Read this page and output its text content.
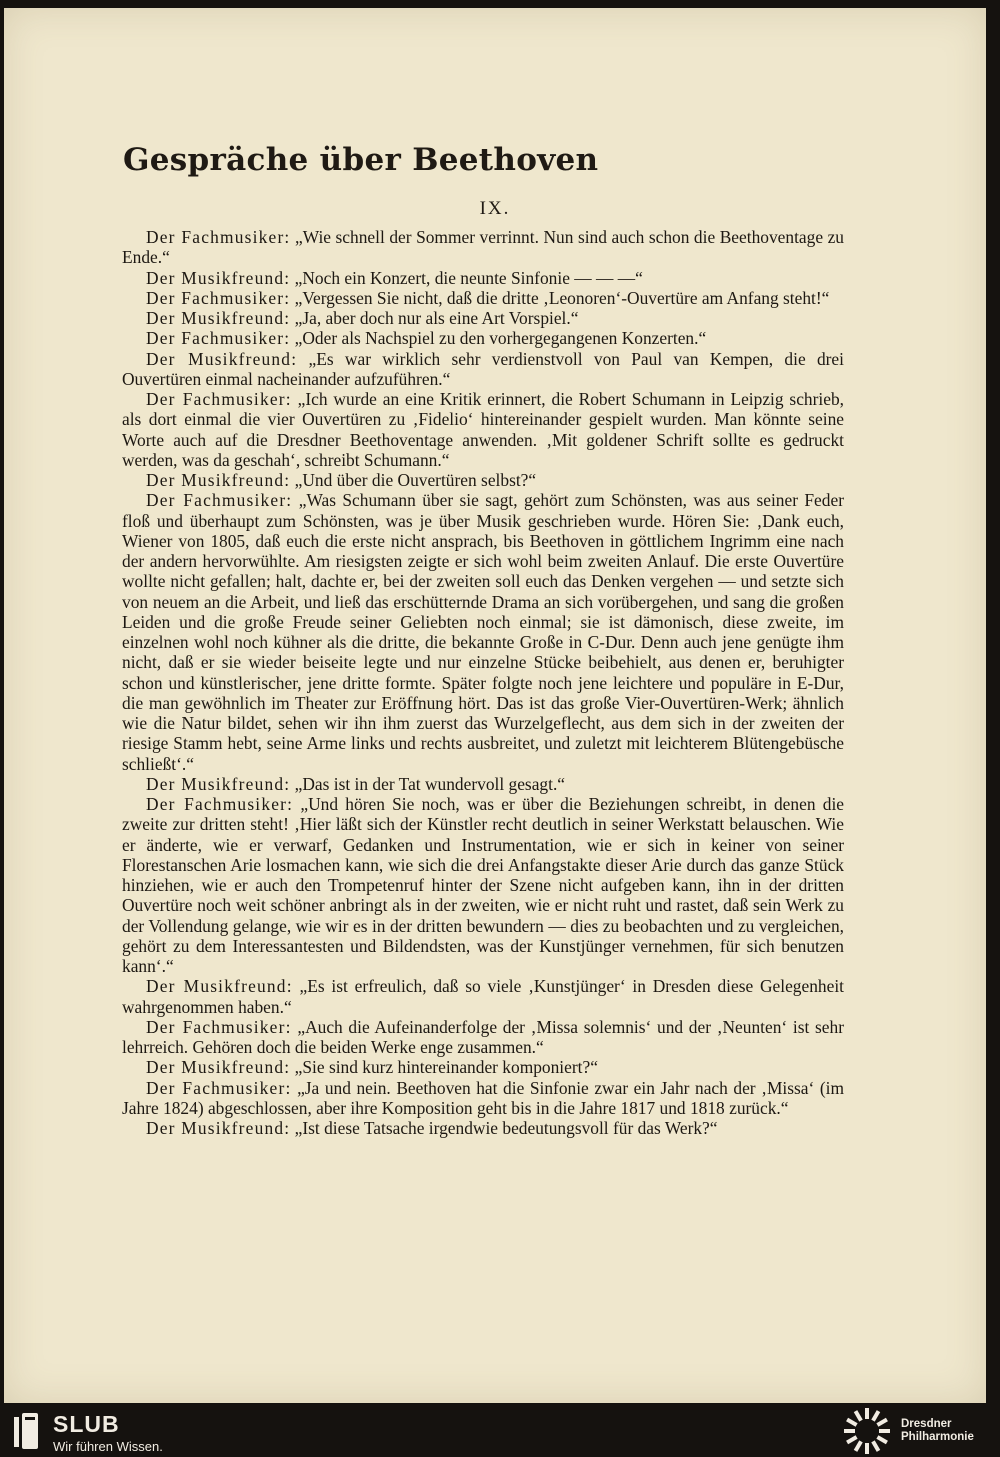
Gespräche über Beethoven
IX.

Der Fachmusiker: „Wie schnell der Sommer verrinnt. Nun sind auch schon die Beethoventage zu Ende.“

Der Musikfreund: „Noch ein Konzert, die neunte Sinfonie — — —“

Der Fachmusiker: „Vergessen Sie nicht, daß die dritte ‚Leonoren‘-Ouvertüre am Anfang steht!“

Der Musikfreund: „Ja, aber doch nur als eine Art Vorspiel.“

Der Fachmusiker: „Oder als Nachspiel zu den vorhergegangenen Konzerten.“

Der Musikfreund: „Es war wirklich sehr verdienstvoll von Paul van Kempen, die drei Ouvertüren einmal nacheinander aufzuführen.“

Der Fachmusiker: „Ich wurde an eine Kritik erinnert, die Robert Schumann in Leipzig schrieb, als dort einmal die vier Ouvertüren zu ‚Fidelio‘ hintereinander gespielt wurden. Man könnte seine Worte auch auf die Dresdner Beethoventage anwenden. ‚Mit goldener Schrift sollte es gedruckt werden, was da geschah‘, schreibt Schumann.“

Der Musikfreund: „Und über die Ouvertüren selbst?“

Der Fachmusiker: „Was Schumann über sie sagt, gehört zum Schönsten, was aus seiner Feder floß und überhaupt zum Schönsten, was je über Musik geschrieben wurde. Hören Sie: ‚Dank euch, Wiener von 1805, daß euch die erste nicht ansprach, bis Beethoven in göttlichem Ingrimm eine nach der andern hervorwühlte. Am riesigsten zeigte er sich wohl beim zweiten Anlauf. Die erste Ouvertüre wollte nicht gefallen; halt, dachte er, bei der zweiten soll euch das Denken vergehen — und setzte sich von neuem an die Arbeit, und ließ das erschütternde Drama an sich vorübergehen, und sang die großen Leiden und die große Freude seiner Geliebten noch einmal; sie ist dämonisch, diese zweite, im einzelnen wohl noch kühner als die dritte, die bekannte Große in C-Dur. Denn auch jene genügte ihm nicht, daß er sie wieder beiseite legte und nur einzelne Stücke beibehielt, aus denen er, beruhigter schon und künstlerischer, jene dritte formte. Später folgte noch jene leichtere und populäre in E-Dur, die man gewöhnlich im Theater zur Eröffnung hört. Das ist das große Vier-Ouvertüren-Werk; ähnlich wie die Natur bildet, sehen wir ihn ihm zuerst das Wurzelgeflecht, aus dem sich in der zweiten der riesige Stamm hebt, seine Arme links und rechts ausbreitet, und zuletzt mit leichterem Blütengebüsche schließt‘.“

Der Musikfreund: „Das ist in der Tat wundervoll gesagt.“

Der Fachmusiker: „Und hören Sie noch, was er über die Beziehungen schreibt, in denen die zweite zur dritten steht! ‚Hier läßt sich der Künstler recht deutlich in seiner Werkstatt belauschen. Wie er änderte, wie er verwarf, Gedanken und Instrumentation, wie er sich in keiner von seiner Florestanschen Arie losmachen kann, wie sich die drei Anfangstakte dieser Arie durch das ganze Stück hinziehen, wie er auch den Trompetenruf hinter der Szene nicht aufgeben kann, ihn in der dritten Ouvertüre noch weit schöner anbringt als in der zweiten, wie er nicht ruht und rastet, daß sein Werk zu der Vollendung gelange, wie wir es in der dritten bewundern — dies zu beobachten und zu vergleichen, gehört zu dem Interessantesten und Bildendsten, was der Kunstjünger vernehmen, für sich benutzen kann‘.“

Der Musikfreund: „Es ist erfreulich, daß so viele ‚Kunstjünger‘ in Dresden diese Gelegenheit wahrgenommen haben.“

Der Fachmusiker: „Auch die Aufeinanderfolge der ‚Missa solemnis‘ und der ‚Neunten‘ ist sehr lehrreich. Gehören doch die beiden Werke enge zusammen.“

Der Musikfreund: „Sie sind kurz hintereinander komponiert?“

Der Fachmusiker: „Ja und nein. Beethoven hat die Sinfonie zwar ein Jahr nach der ‚Missa‘ (im Jahre 1824) abgeschlossen, aber ihre Komposition geht bis in die Jahre 1817 und 1818 zurück.“

Der Musikfreund: „Ist diese Tatsache irgendwie bedeutungsvoll für das Werk?“

SLUB
Wir führen Wissen.
Dresdner
Philharmonie
